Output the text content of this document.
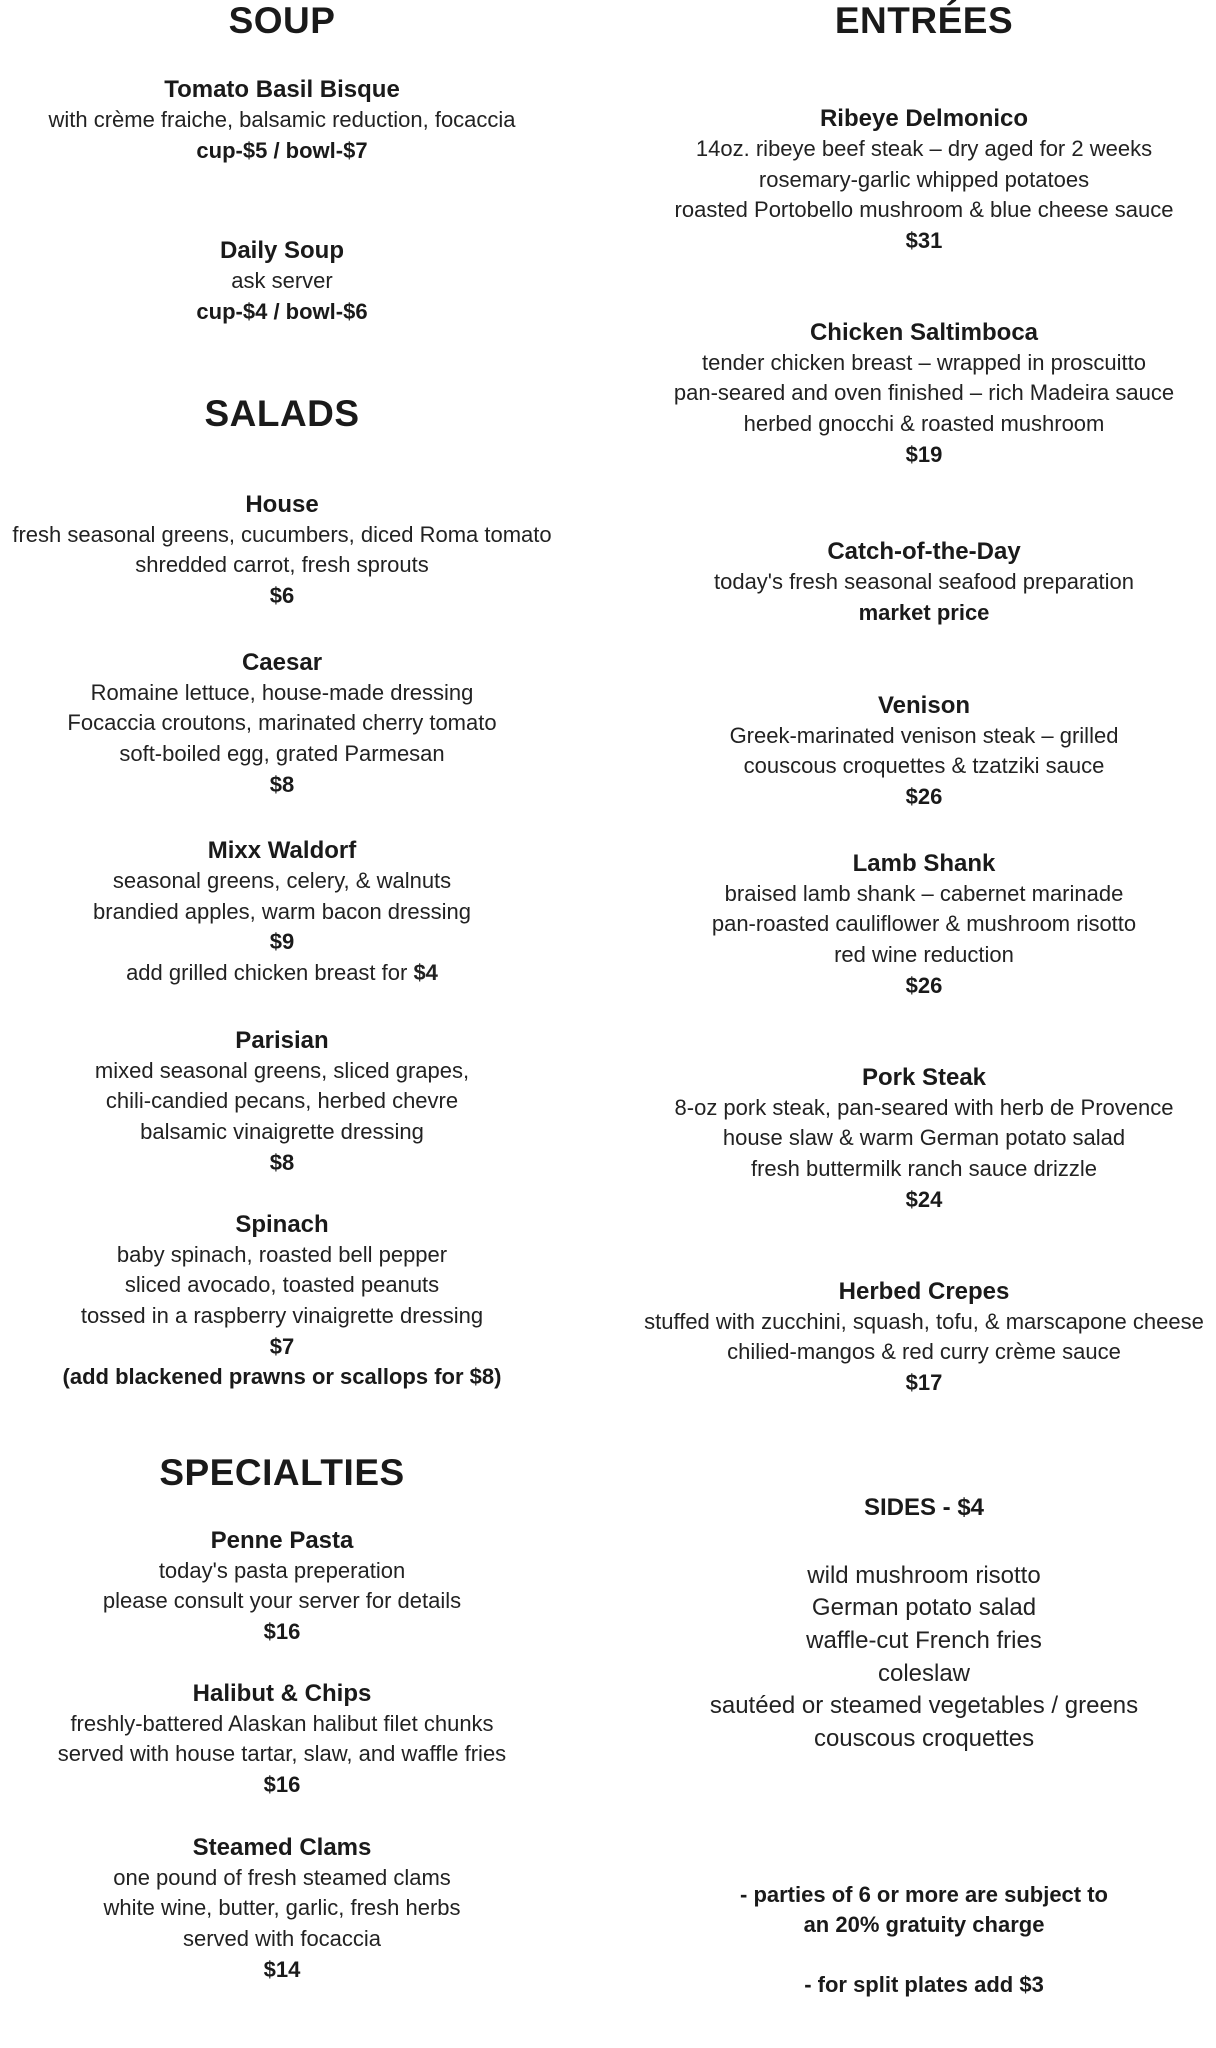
SOUP
Tomato Basil Bisque
with crème fraiche, balsamic reduction, focaccia
cup-$5 / bowl-$7
Daily Soup
ask server
cup-$4 / bowl-$6
SALADS
House
fresh seasonal greens, cucumbers, diced Roma tomato
shredded carrot, fresh sprouts
$6
Caesar
Romaine lettuce, house-made dressing
Focaccia croutons, marinated cherry tomato
soft-boiled egg, grated Parmesan
$8
Mixx Waldorf
seasonal greens, celery, & walnuts
brandied apples, warm bacon dressing
$9
add grilled chicken breast for $4
Parisian
mixed seasonal greens, sliced grapes,
chili-candied pecans, herbed chevre
balsamic vinaigrette dressing
$8
Spinach
baby spinach, roasted bell pepper
sliced avocado, toasted peanuts
tossed in a raspberry vinaigrette dressing
$7
(add blackened prawns or scallops for $8)
SPECIALTIES
Penne Pasta
today's pasta preperation
please consult your server for details
$16
Halibut & Chips
freshly-battered Alaskan halibut filet chunks
served with house tartar, slaw, and waffle fries
$16
Steamed Clams
one pound of fresh steamed clams
white wine, butter, garlic, fresh herbs
served with focaccia
$14
ENTRÉES
Ribeye Delmonico
14oz. ribeye beef steak – dry aged for 2 weeks
rosemary-garlic whipped potatoes
roasted Portobello mushroom & blue cheese sauce
$31
Chicken Saltimboca
tender chicken breast – wrapped in proscuitto
pan-seared and oven finished – rich Madeira sauce
herbed gnocchi & roasted mushroom
$19
Catch-of-the-Day
today's fresh seasonal seafood preparation
market price
Venison
Greek-marinated venison steak – grilled
couscous croquettes & tzatziki sauce
$26
Lamb Shank
braised lamb shank – cabernet marinade
pan-roasted cauliflower & mushroom risotto
red wine reduction
$26
Pork Steak
8-oz pork steak, pan-seared with herb de Provence
house slaw & warm German potato salad
fresh buttermilk ranch sauce drizzle
$24
Herbed Crepes
stuffed with zucchini, squash, tofu, & marscapone cheese
chilied-mangos & red curry crème sauce
$17
SIDES - $4
wild mushroom risotto
German potato salad
waffle-cut French fries
coleslaw
sautéed or steamed vegetables / greens
couscous croquettes
- parties of 6 or more are subject to
an 20% gratuity charge
- for split plates add $3
